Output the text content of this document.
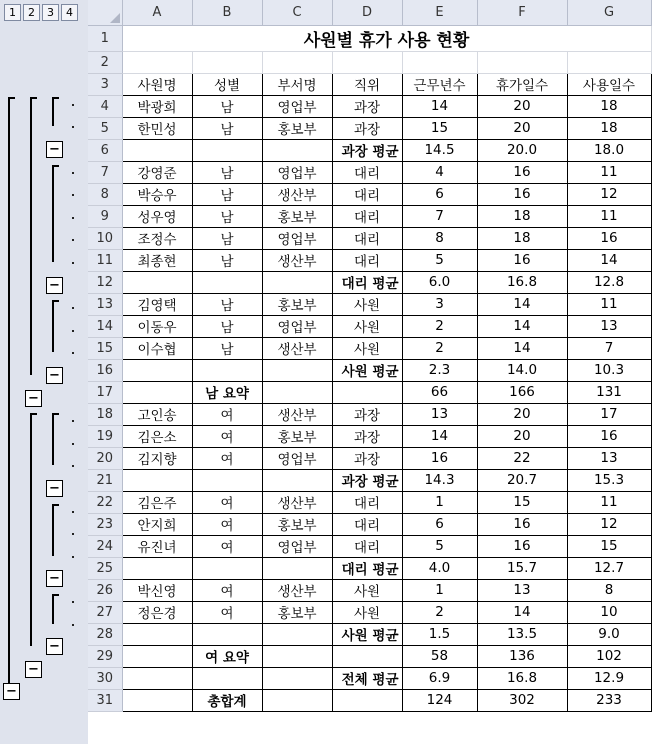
1	2	3	4
−
−
−
−
−
−
−
−
−
	A	B	C	D	E	F	G
1	사원별 휴가 사용 현황						
2							
3	사원명	성별	부서명	직위	근무년수	휴가일수	사용일수
4	박광희	남	영업부	과장	14	20	18
5	한민성	남	홍보부	과장	15	20	18
6				과장 평균	14.5	20.0	18.0
7	강영준	남	영업부	대리	4	16	11
8	박승우	남	생산부	대리	6	16	12
9	성우영	남	홍보부	대리	7	18	11
10	조정수	남	영업부	대리	8	18	16
11	최종현	남	생산부	대리	5	16	14
12				대리 평균	6.0	16.8	12.8
13	김영택	남	홍보부	사원	3	14	11
14	이동우	남	영업부	사원	2	14	13
15	이수협	남	생산부	사원	2	14	7
16				사원 평균	2.3	14.0	10.3
17		남 요약			66	166	131
18	고인송	여	생산부	과장	13	20	17
19	김은소	여	홍보부	과장	14	20	16
20	김지향	여	영업부	과장	16	22	13
21				과장 평균	14.3	20.7	15.3
22	김은주	여	생산부	대리	1	15	11
23	안지희	여	홍보부	대리	6	16	12
24	유진녀	여	영업부	대리	5	16	15
25				대리 평균	4.0	15.7	12.7
26	박신영	여	생산부	사원	1	13	8
27	정은경	여	홍보부	사원	2	14	10
28				사원 평균	1.5	13.5	9.0
29		여 요약			58	136	102
30				전체 평균	6.9	16.8	12.9
31		총합계			124	302	233
